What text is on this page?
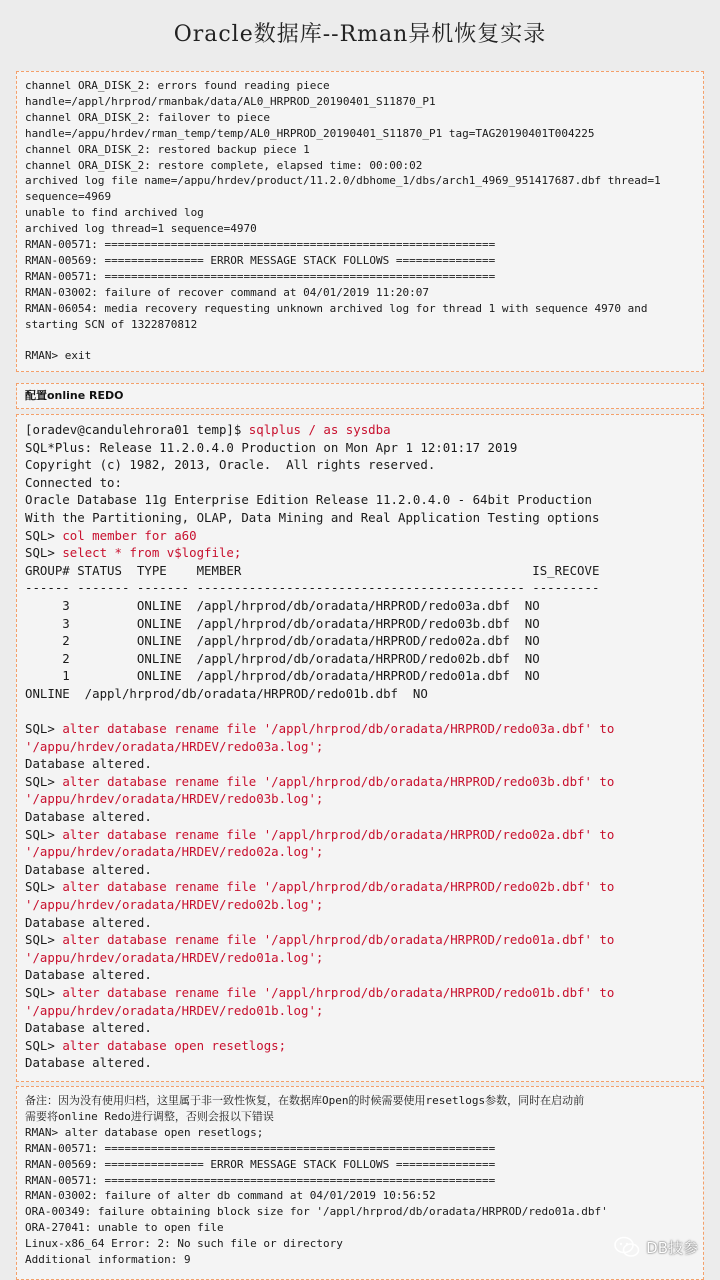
Oracle数据库--Rman异机恢复实录
channel ORA_DISK_2: errors found reading piece
handle=/appl/hrprod/rmanbak/data/AL0_HRPROD_20190401_S11870_P1
channel ORA_DISK_2: failover to piece
handle=/appu/hrdev/rman_temp/temp/AL0_HRPROD_20190401_S11870_P1 tag=TAG20190401T004225
channel ORA_DISK_2: restored backup piece 1
channel ORA_DISK_2: restore complete, elapsed time: 00:00:02
archived log file name=/appu/hrdev/product/11.2.0/dbhome_1/dbs/arch1_4969_951417687.dbf thread=1
sequence=4969
unable to find archived log
archived log thread=1 sequence=4970
RMAN-00571: ===========================================================
RMAN-00569: =============== ERROR MESSAGE STACK FOLLOWS ===============
RMAN-00571: ===========================================================
RMAN-03002: failure of recover command at 04/01/2019 11:20:07
RMAN-06054: media recovery requesting unknown archived log for thread 1 with sequence 4970 and
starting SCN of 1322870812
RMAN> exit
配置online REDO
[oradev@candulehrora01 temp]$ sqlplus / as sysdba
SQL*Plus: Release 11.2.0.4.0 Production on Mon Apr 1 12:01:17 2019
Copyright (c) 1982, 2013, Oracle.  All rights reserved.
Connected to:
Oracle Database 11g Enterprise Edition Release 11.2.0.4.0 - 64bit Production
With the Partitioning, OLAP, Data Mining and Real Application Testing options
SQL> col member for a60
SQL> select * from v$logfile;
GROUP# STATUS  TYPE    MEMBER                                       IS_RECOVE
------ ------- ------- -------------------------------------------- ---------
3         ONLINE  /appl/hrprod/db/oradata/HRPROD/redo03a.dbf  NO
3         ONLINE  /appl/hrprod/db/oradata/HRPROD/redo03b.dbf  NO
2         ONLINE  /appl/hrprod/db/oradata/HRPROD/redo02a.dbf  NO
2         ONLINE  /appl/hrprod/db/oradata/HRPROD/redo02b.dbf  NO
1         ONLINE  /appl/hrprod/db/oradata/HRPROD/redo01a.dbf  NO
ONLINE  /appl/hrprod/db/oradata/HRPROD/redo01b.dbf  NO
SQL> alter database rename file '/appl/hrprod/db/oradata/HRPROD/redo03a.dbf' to
'/appu/hrdev/oradata/HRDEV/redo03a.log';
Database altered.
SQL> alter database rename file '/appl/hrprod/db/oradata/HRPROD/redo03b.dbf' to
'/appu/hrdev/oradata/HRDEV/redo03b.log';
Database altered.
SQL> alter database rename file '/appl/hrprod/db/oradata/HRPROD/redo02a.dbf' to
'/appu/hrdev/oradata/HRDEV/redo02a.log';
Database altered.
SQL> alter database rename file '/appl/hrprod/db/oradata/HRPROD/redo02b.dbf' to
'/appu/hrdev/oradata/HRDEV/redo02b.log';
Database altered.
SQL> alter database rename file '/appl/hrprod/db/oradata/HRPROD/redo01a.dbf' to
'/appu/hrdev/oradata/HRDEV/redo01a.log';
Database altered.
SQL> alter database rename file '/appl/hrprod/db/oradata/HRPROD/redo01b.dbf' to
'/appu/hrdev/oradata/HRDEV/redo01b.log';
Database altered.
SQL> alter database open resetlogs;
Database altered.
备注：因为没有使用归档，这里属于非一致性恢复，在数据库Open的时候需要使用resetlogs参数，同时在启动前
需要将online Redo进行调整，否则会报以下错误
RMAN> alter database open resetlogs;
RMAN-00571: ===========================================================
RMAN-00569: =============== ERROR MESSAGE STACK FOLLOWS ===============
RMAN-00571: ===========================================================
RMAN-03002: failure of alter db command at 04/01/2019 10:56:52
ORA-00349: failure obtaining block size for '/appl/hrprod/db/oradata/HRPROD/redo01a.dbf'
ORA-27041: unable to open file
Linux-x86_64 Error: 2: No such file or directory
Additional information: 9
DB技参
